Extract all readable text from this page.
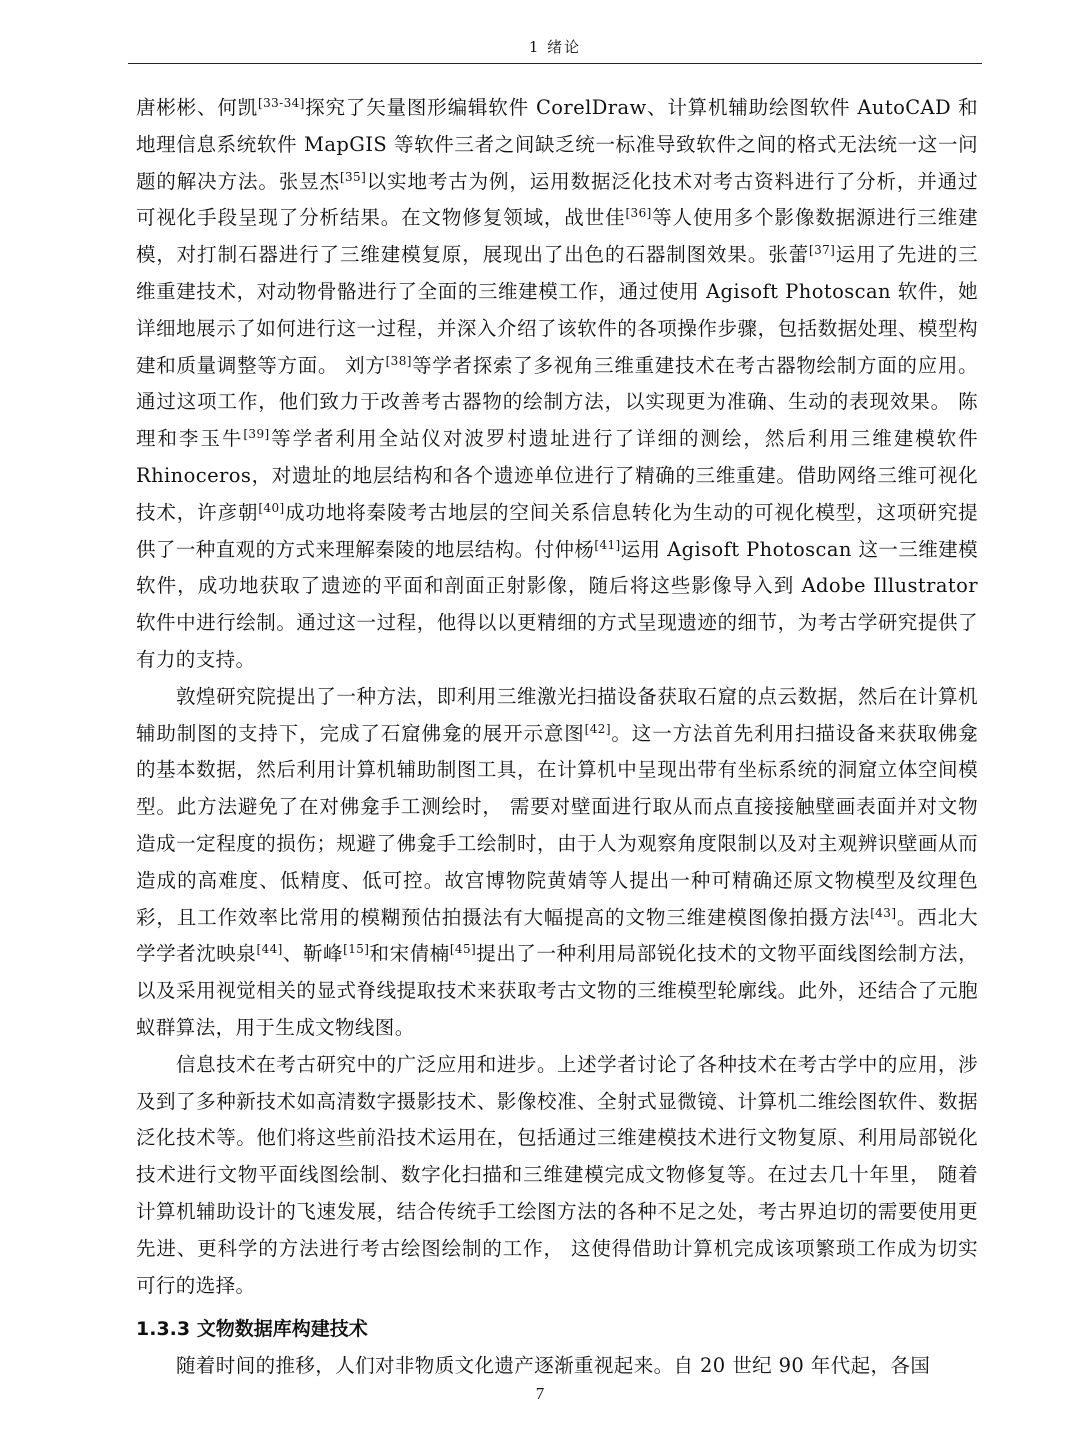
1 绪论

唐彬彬、何凯[33-34]探究了矢量图形编辑软件 CorelDraw、计算机辅助绘图软件 AutoCAD 和地理信息系统软件 MapGIS 等软件三者之间缺乏统一标准导致软件之间的格式无法统一这一问题的解决方法。张昱杰[35]以实地考古为例，运用数据泛化技术对考古资料进行了分析，并通过可视化手段呈现了分析结果。在文物修复领域，战世佳[36]等人使用多个影像数据源进行三维建模，对打制石器进行了三维建模复原，展现出了出色的石器制图效果。张蕾[37]运用了先进的三维重建技术，对动物骨骼进行了全面的三维建模工作，通过使用 Agisoft Photoscan 软件，她详细地展示了如何进行这一过程，并深入介绍了该软件的各项操作步骤，包括数据处理、模型构建和质量调整等方面。 刘方[38]等学者探索了多视角三维重建技术在考古器物绘制方面的应用。通过这项工作，他们致力于改善考古器物的绘制方法，以实现更为准确、生动的表现效果。 陈理和李玉牛[39]等学者利用全站仪对波罗村遗址进行了详细的测绘，然后利用三维建模软件 Rhinoceros，对遗址的地层结构和各个遗迹单位进行了精确的三维重建。借助网络三维可视化技术，许彦朝[40]成功地将秦陵考古地层的空间关系信息转化为生动的可视化模型，这项研究提供了一种直观的方式来理解秦陵的地层结构。付仲杨[41]运用 Agisoft Photoscan 这一三维建模软件，成功地获取了遗迹的平面和剖面正射影像，随后将这些影像导入到 Adobe Illustrator 软件中进行绘制。通过这一过程，他得以以更精细的方式呈现遗迹的细节，为考古学研究提供了有力的支持。

敦煌研究院提出了一种方法，即利用三维激光扫描设备获取石窟的点云数据，然后在计算机辅助制图的支持下，完成了石窟佛龛的展开示意图[42]。这一方法首先利用扫描设备来获取佛龛的基本数据，然后利用计算机辅助制图工具，在计算机中呈现出带有坐标系统的洞窟立体空间模型。此方法避免了在对佛龛手工测绘时， 需要对壁面进行取从而点直接接触壁画表面并对文物造成一定程度的损伤；规避了佛龛手工绘制时，由于人为观察角度限制以及对主观辨识壁画从而造成的高难度、低精度、低可控。故宫博物院黄婧等人提出一种可精确还原文物模型及纹理色彩，且工作效率比常用的模糊预估拍摄法有大幅提高的文物三维建模图像拍摄方法[43]。西北大学学者沈映泉[44]、靳峰[15]和宋倩楠[45]提出了一种利用局部锐化技术的文物平面线图绘制方法，以及采用视觉相关的显式脊线提取技术来获取考古文物的三维模型轮廓线。此外，还结合了元胞蚁群算法，用于生成文物线图。

信息技术在考古研究中的广泛应用和进步。上述学者讨论了各种技术在考古学中的应用，涉及到了多种新技术如高清数字摄影技术、影像校准、全射式显微镜、计算机二维绘图软件、数据泛化技术等。他们将这些前沿技术运用在，包括通过三维建模技术进行文物复原、利用局部锐化技术进行文物平面线图绘制、数字化扫描和三维建模完成文物修复等。在过去几十年里， 随着计算机辅助设计的飞速发展，结合传统手工绘图方法的各种不足之处，考古界迫切的需要使用更先进、更科学的方法进行考古绘图绘制的工作， 这使得借助计算机完成该项繁琐工作成为切实可行的选择。

1.3.3 文物数据库构建技术

随着时间的推移，人们对非物质文化遗产逐渐重视起来。自 20 世纪 90 年代起，各国

7
